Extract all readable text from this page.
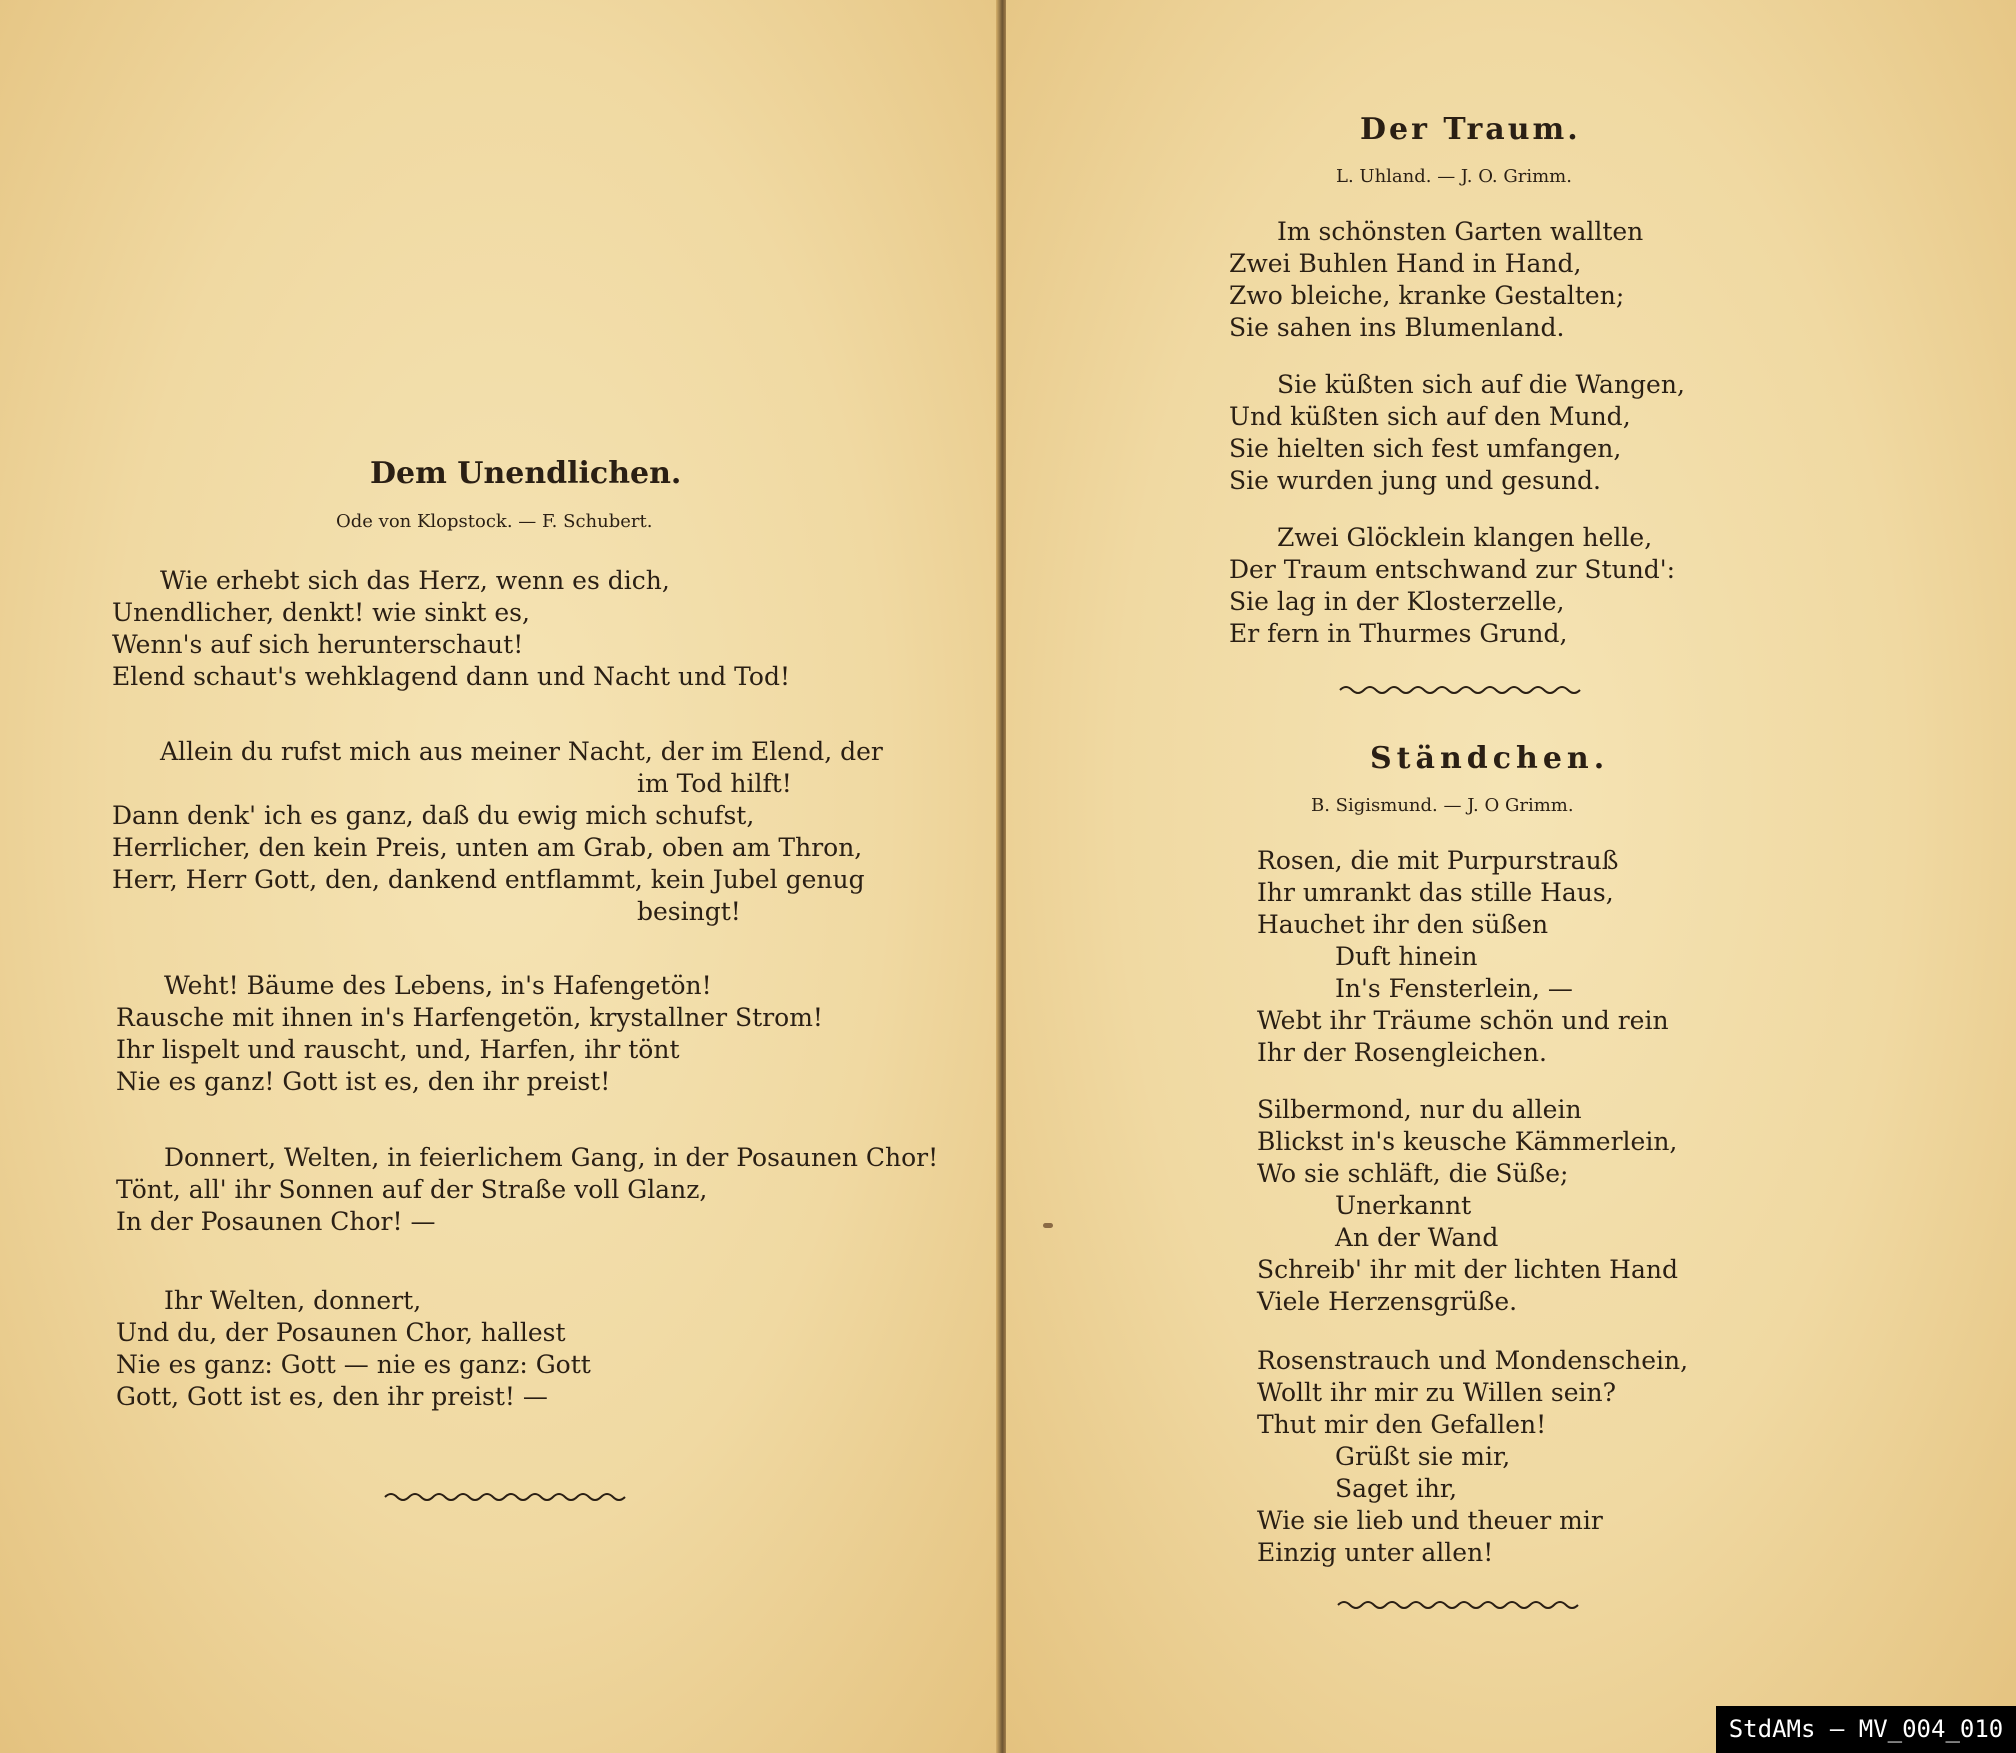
Dem Unendlichen.
Ode von Klopstock. — F. Schubert.
Wie erhebt sich das Herz, wenn es dich,
Unendlicher, denkt! wie sinkt es,
Wenn's auf sich herunterschaut!
Elend schaut's wehklagend dann und Nacht und Tod!
Allein du rufst mich aus meiner Nacht, der im Elend, der
im Tod hilft!
Dann denk' ich es ganz, daß du ewig mich schufst,
Herrlicher, den kein Preis, unten am Grab, oben am Thron,
Herr, Herr Gott, den, dankend entflammt, kein Jubel genug
besingt!
Weht! Bäume des Lebens, in's Hafengetön!
Rausche mit ihnen in's Harfengetön, krystallner Strom!
Ihr lispelt und rauscht, und, Harfen, ihr tönt
Nie es ganz! Gott ist es, den ihr preist!
Donnert, Welten, in feierlichem Gang, in der Posaunen Chor!
Tönt, all' ihr Sonnen auf der Straße voll Glanz,
In der Posaunen Chor! —
Ihr Welten, donnert,
Und du, der Posaunen Chor, hallest
Nie es ganz: Gott — nie es ganz: Gott
Gott, Gott ist es, den ihr preist! —
Der Traum.
L. Uhland. — J. O. Grimm.
Im schönsten Garten wallten
Zwei Buhlen Hand in Hand,
Zwo bleiche, kranke Gestalten;
Sie sahen ins Blumenland.
Sie küßten sich auf die Wangen,
Und küßten sich auf den Mund,
Sie hielten sich fest umfangen,
Sie wurden jung und gesund.
Zwei Glöcklein klangen helle,
Der Traum entschwand zur Stund':
Sie lag in der Klosterzelle,
Er fern in Thurmes Grund,
Ständchen.
B. Sigismund. — J. O Grimm.
Rosen, die mit Purpurstrauß
Ihr umrankt das stille Haus,
Hauchet ihr den süßen
Duft hinein
In's Fensterlein, —
Webt ihr Träume schön und rein
Ihr der Rosengleichen.
Silbermond, nur du allein
Blickst in's keusche Kämmerlein,
Wo sie schläft, die Süße;
Unerkannt
An der Wand
Schreib' ihr mit der lichten Hand
Viele Herzensgrüße.
Rosenstrauch und Mondenschein,
Wollt ihr mir zu Willen sein?
Thut mir den Gefallen!
Grüßt sie mir,
Saget ihr,
Wie sie lieb und theuer mir
Einzig unter allen!
StdAMs – MV_004_010
